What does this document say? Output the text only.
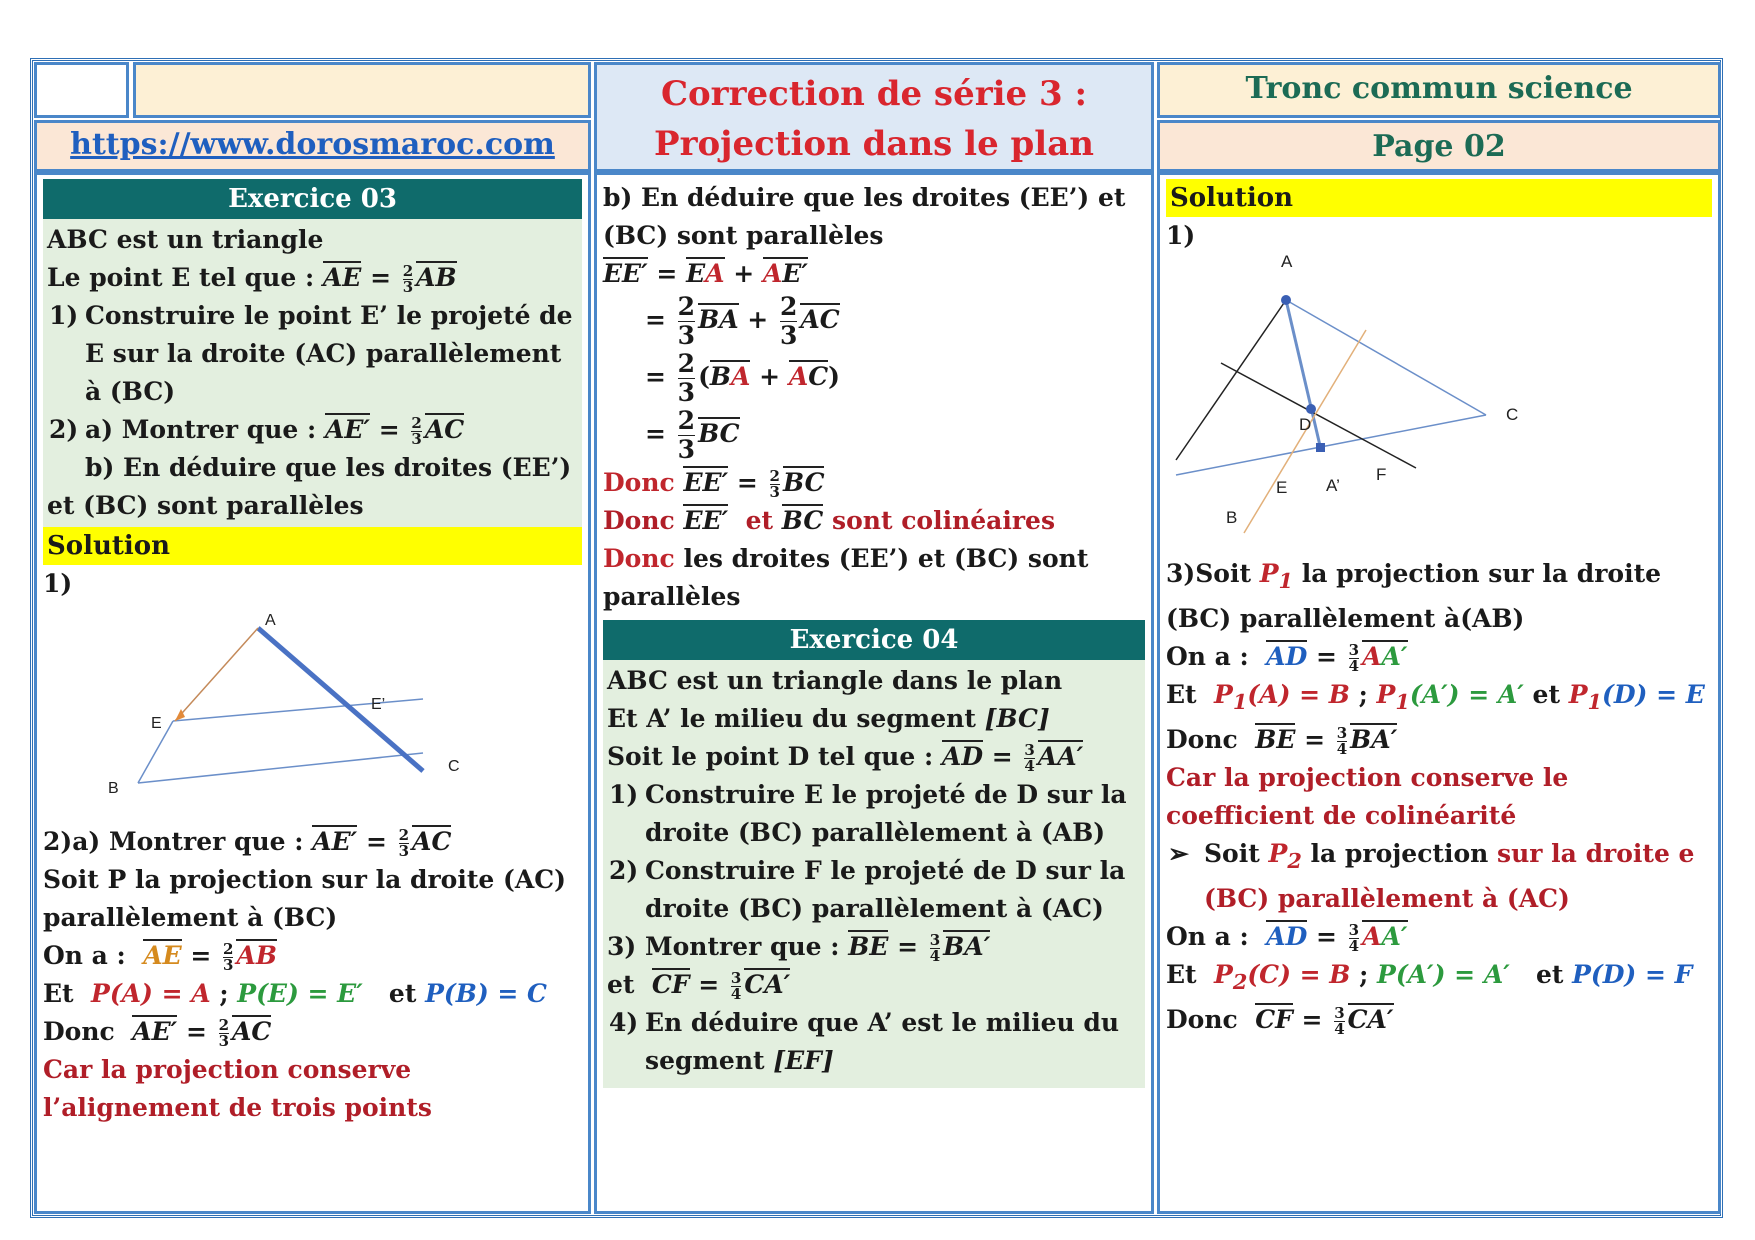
https://www.dorosmaroc.com
Correction de série 3 :
Projection dans le plan
Tronc commun science
Page 02
Exercice 03

ABC est un triangle

Le point E tel que : AE = $\frac{2}{3}$ AB

1) Construire le point E’ le projeté de E sur la droite (AC) parallèlement à (BC)

2) a) Montrer que : $AE' = \frac{2}{3}$ AC

b) En déduire que les droites (EE’) et (BC) sont parallèles

Solution

1)

A
E
E’
B
C

2)a) Montrer que : $AE' = \frac{2}{3}$ AC

Soit P la projection sur la droite (AC) parallèlement à (BC)

On a : AE = $\frac{2}{3}$ AB

Et P(A) = A ; P(E) = E′ et P(B) = C

Donc $AE' = \frac{2}{3}$ AC

Car la projection conserve l’alignement de trois points

b) En déduire que les droites (EE’) et (BC) sont parallèles

EE′ = EA + AE′

= $\frac{2}{3}$ BA + $\frac{2}{3}$ AC

= $\frac{2}{3} (BA + AC)$

= $\frac{2}{3}$ BC

Donc $EE' = \frac{2}{3}$ BC

Donc EE′ et BC sont colinéaires

Donc les droites (EE’) et (BC) sont parallèles

Exercice 04

ABC est un triangle dans le plan

Et A’ le milieu du segment [BC]

Soit le point D tel que : AD = $\frac{3}{4} AA'$

1) Construire E le projeté de D sur la droite (BC) parallèlement à (AB)

2) Construire F le projeté de D sur la droite (BC) parallèlement à (AC)

3) Montrer que : BE = $\frac{3}{4} BA'$

et CF = $\frac{3}{4} CA'$

4) En déduire que A’ est le milieu du segment [EF]

Solution

1)

A
D
C
E A’
F
B

3)Soit $P_1$ la projection sur la droite (BC) parallèlement à(AB)

On a : AD = $\frac{3}{4} AA'$

Et $P_1(A) = B$ ; $P_1(A') = A'$ et $P_1(D) = E$

Donc BE = $\frac{3}{4} BA'$

Car la projection conserve le coefficient de colinéarité

➢ Soit $P_2$ la projection sur la droite e (BC) parallèlement à (AC)

On a : AD = $\frac{3}{4} AA'$

Et $P_2(C) = B$ ; P(A′) = A′   et P(D) = F

Donc CF = $\frac{3}{4} CA'$
